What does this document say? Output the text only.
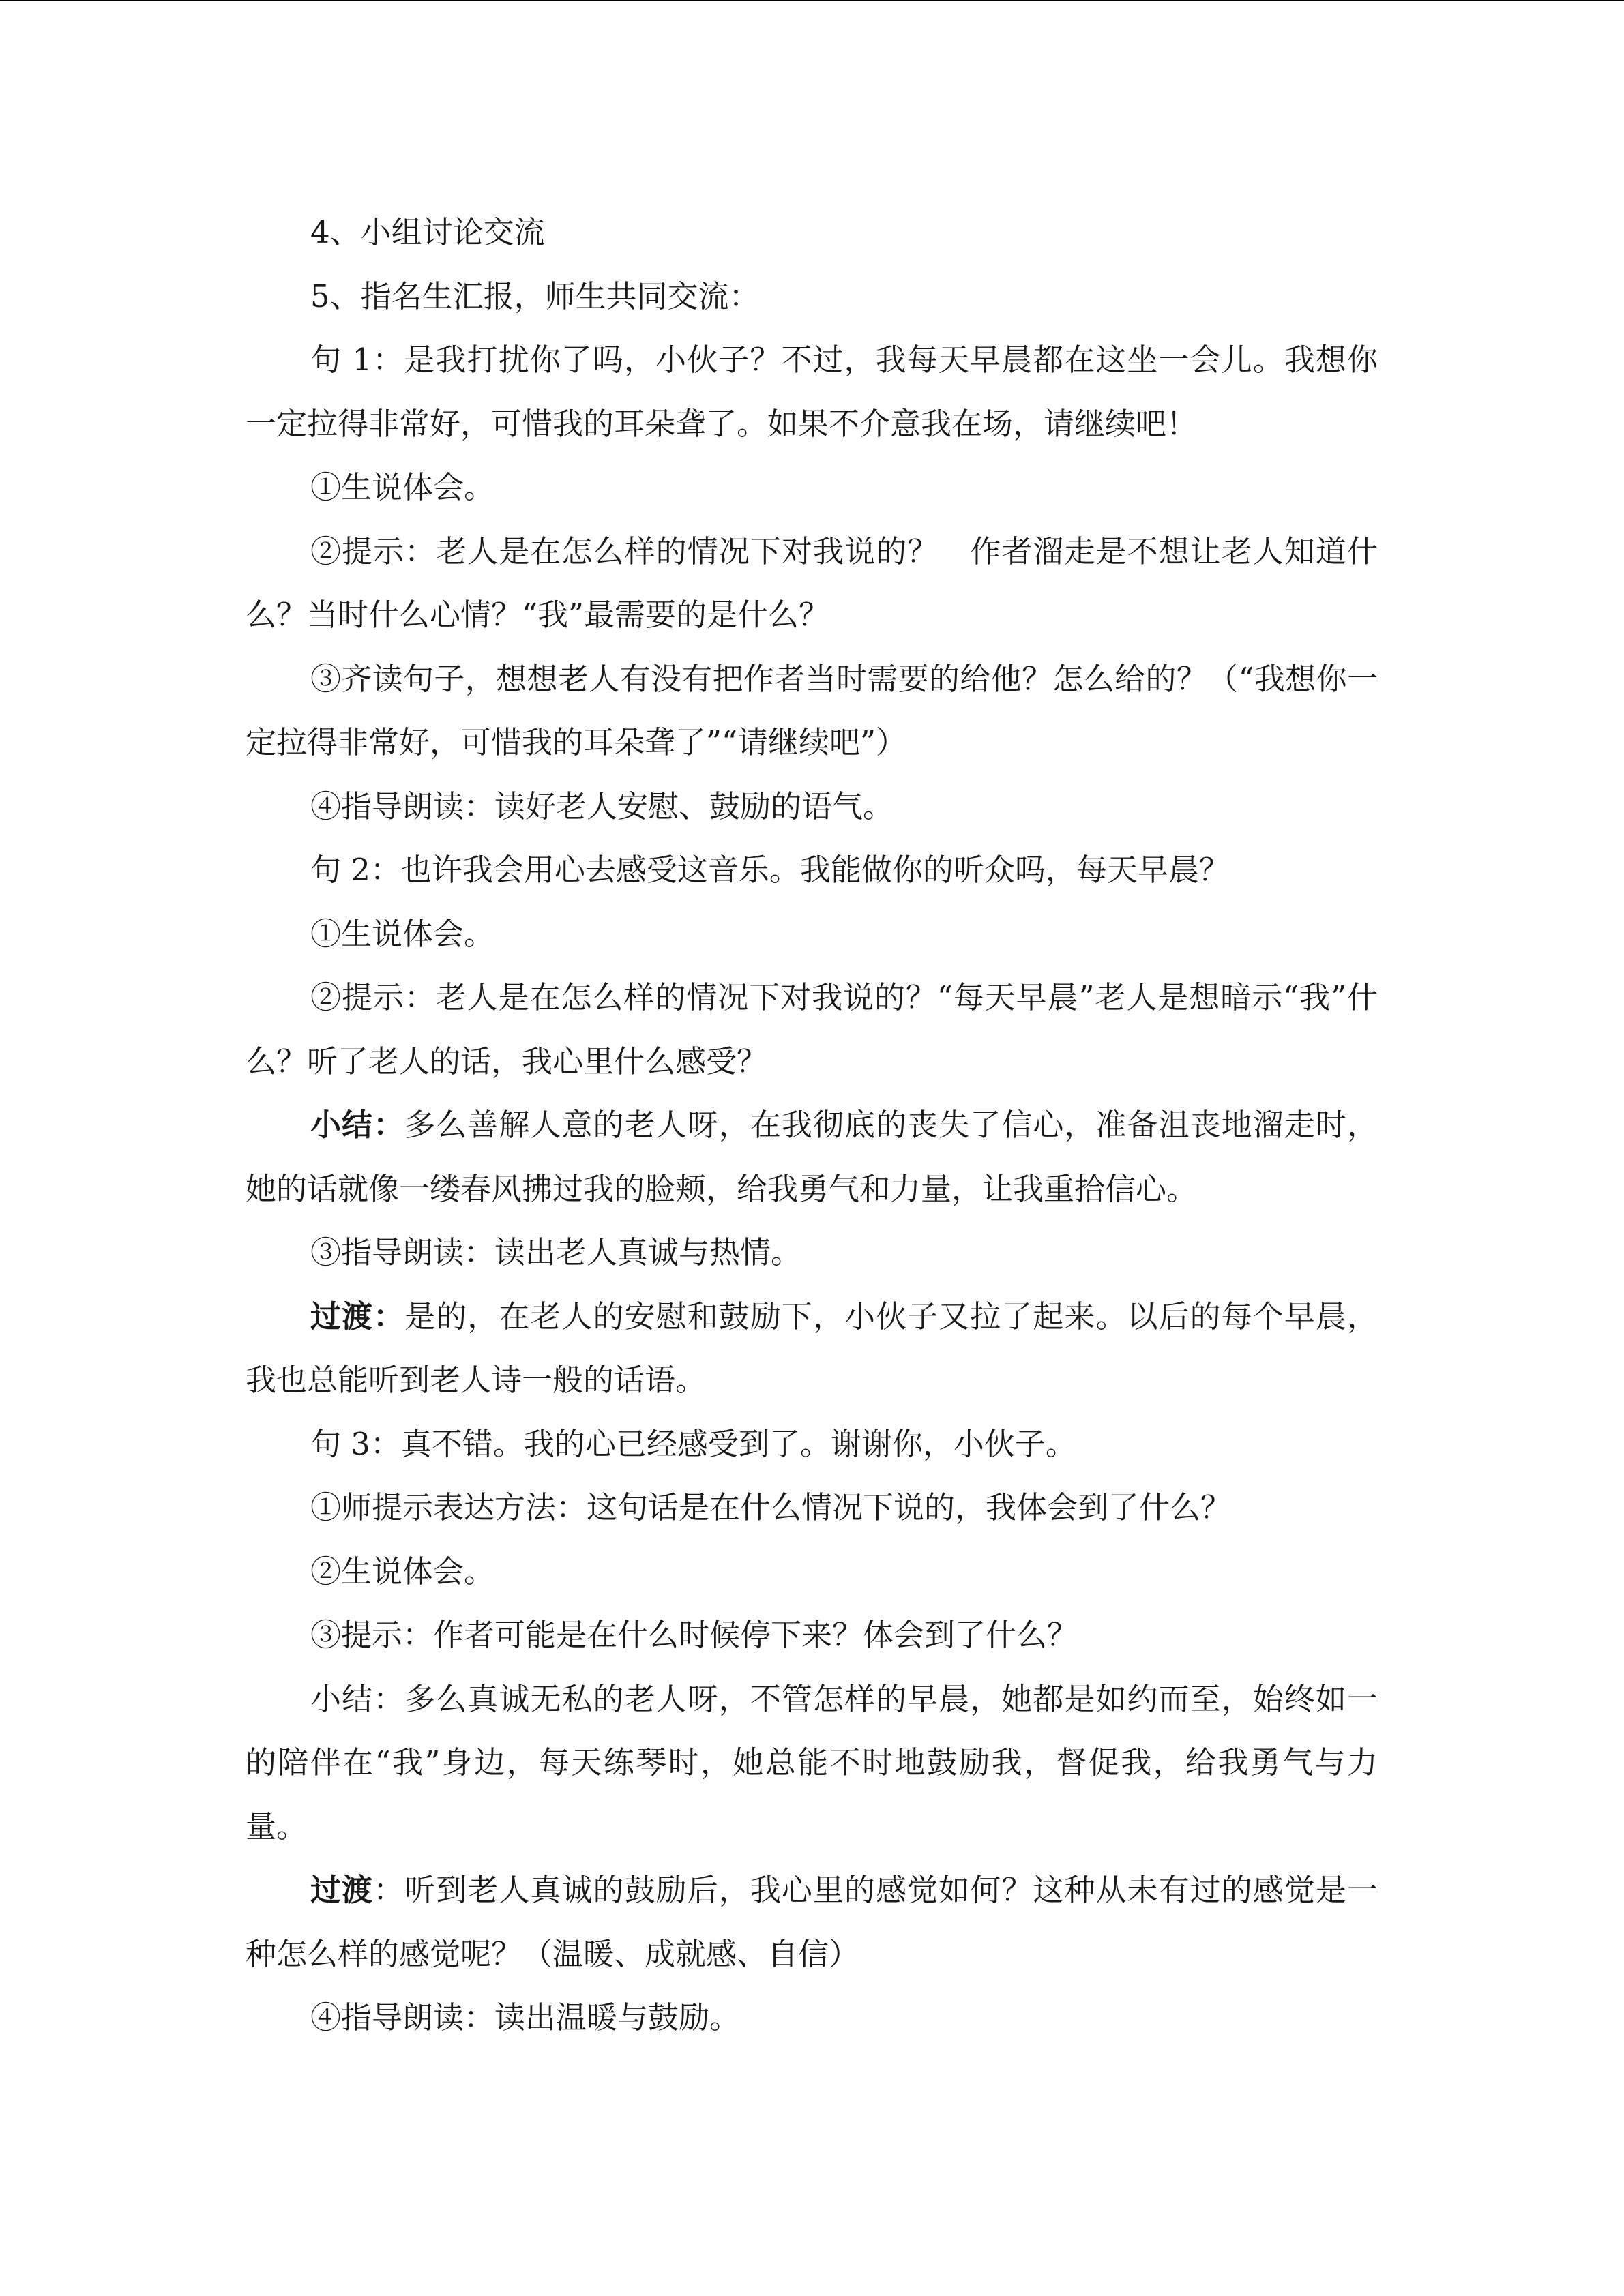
4、小组讨论交流

5、指名生汇报，师生共同交流：

句 1：是我打扰你了吗，小伙子？不过，我每天早晨都在这坐一会儿。我想你一定拉得非常好，可惜我的耳朵聋了。如果不介意我在场，请继续吧！

①生说体会。

②提示：老人是在怎么样的情况下对我说的？　作者溜走是不想让老人知道什么？当时什么心情？“我”最需要的是什么？

③齐读句子，想想老人有没有把作者当时需要的给他？怎么给的？（“我想你一定拉得非常好，可惜我的耳朵聋了”“请继续吧”）

④指导朗读：读好老人安慰、鼓励的语气。

句 2：也许我会用心去感受这音乐。我能做你的听众吗，每天早晨？

①生说体会。

②提示：老人是在怎么样的情况下对我说的？“每天早晨”老人是想暗示“我”什么？听了老人的话，我心里什么感受？

小结：多么善解人意的老人呀，在我彻底的丧失了信心，准备沮丧地溜走时，她的话就像一缕春风拂过我的脸颊，给我勇气和力量，让我重拾信心。

③指导朗读：读出老人真诚与热情。

过渡：是的，在老人的安慰和鼓励下，小伙子又拉了起来。以后的每个早晨，我也总能听到老人诗一般的话语。

句 3：真不错。我的心已经感受到了。谢谢你，小伙子。

①师提示表达方法：这句话是在什么情况下说的，我体会到了什么？

②生说体会。

③提示：作者可能是在什么时候停下来？体会到了什么？

小结：多么真诚无私的老人呀，不管怎样的早晨，她都是如约而至，始终如一的陪伴在“我”身边，每天练琴时，她总能不时地鼓励我，督促我，给我勇气与力量。

过渡：听到老人真诚的鼓励后，我心里的感觉如何？这种从未有过的感觉是一种怎么样的感觉呢？（温暖、成就感、自信）

④指导朗读：读出温暖与鼓励。
